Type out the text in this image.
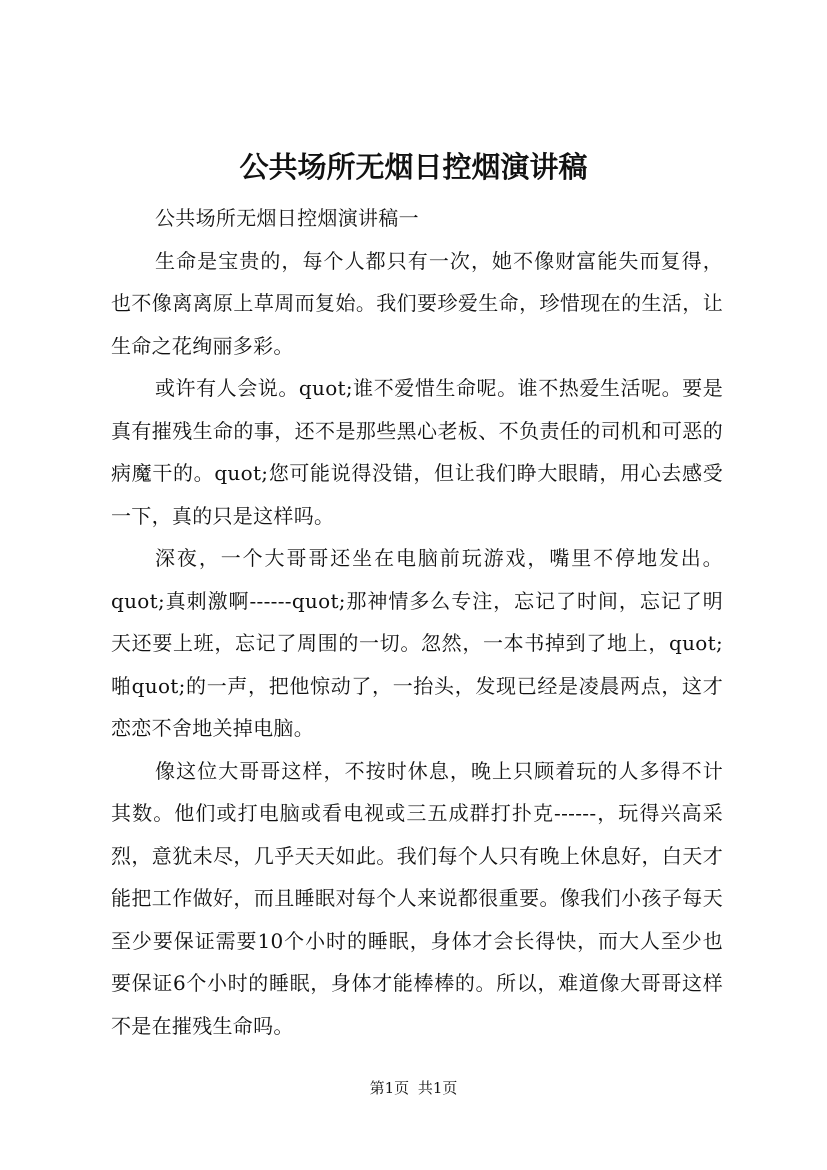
公共场所无烟日控烟演讲稿

公共场所无烟日控烟演讲稿一

生命是宝贵的，每个人都只有一次，她不像财富能失而复得，也不像离离原上草周而复始。我们要珍爱生命，珍惜现在的生活，让生命之花绚丽多彩。

或许有人会说。quot;谁不爱惜生命呢。谁不热爱生活呢。要是真有摧残生命的事，还不是那些黑心老板、不负责任的司机和可恶的病魔干的。quot;您可能说得没错，但让我们睁大眼睛，用心去感受一下，真的只是这样吗。

深夜，一个大哥哥还坐在电脑前玩游戏，嘴里不停地发出。quot;真刺激啊------quot;那神情多么专注，忘记了时间，忘记了明天还要上班，忘记了周围的一切。忽然，一本书掉到了地上，quot;啪quot;的一声，把他惊动了，一抬头，发现已经是凌晨两点，这才恋恋不舍地关掉电脑。

像这位大哥哥这样，不按时休息，晚上只顾着玩的人多得不计其数。他们或打电脑或看电视或三五成群打扑克------，玩得兴高采烈，意犹未尽，几乎天天如此。我们每个人只有晚上休息好，白天才能把工作做好，而且睡眠对每个人来说都很重要。像我们小孩子每天至少要保证需要10个小时的睡眠，身体才会长得快，而大人至少也要保证6个小时的睡眠，身体才能棒棒的。所以，难道像大哥哥这样不是在摧残生命吗。

第1页 共1页
